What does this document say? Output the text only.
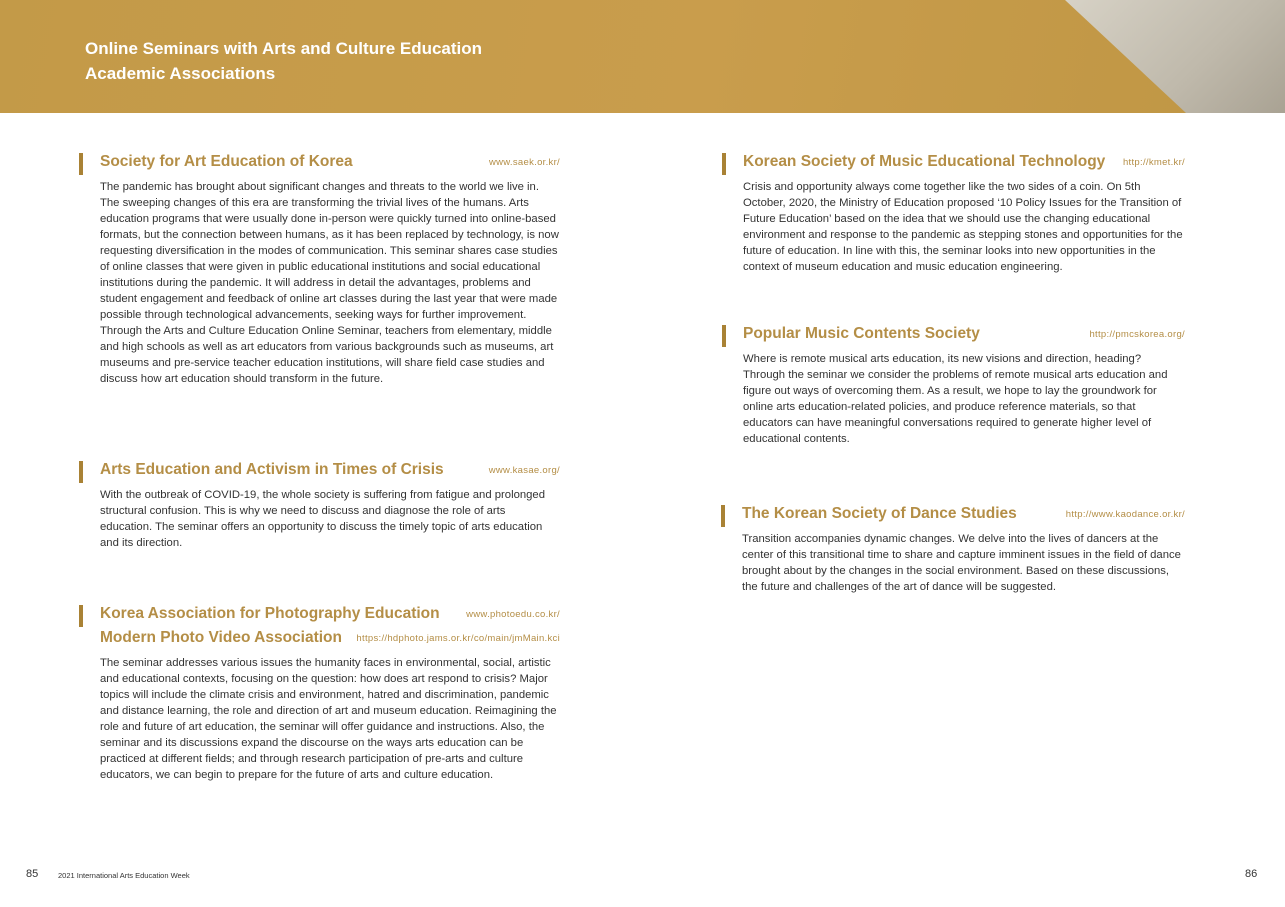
Online Seminars with Arts and Culture Education
Academic Associations
Society for Art Education of Korea	www.saek.or.kr/

The pandemic has brought about significant changes and threats to the world we live in. The sweeping changes of this era are transforming the trivial lives of the humans. Arts education programs that were usually done in-person were quickly turned into online-based formats, but the connection between humans, as it has been replaced by technology, is now requesting diversification in the modes of communication. This seminar shares case studies of online classes that were given in public educational institutions and social educational institutions during the pandemic. It will address in detail the advantages, problems and student engagement and feedback of online art classes during the last year that were made possible through technological advancements, seeking ways for further improvement. Through the Arts and Culture Education Online Seminar, teachers from elementary, middle and high schools as well as art educators from various backgrounds such as museums, art museums and pre-service teacher education institutions, will share field case studies and discuss how art education should transform in the future.

Arts Education and Activism in Times of Crisis	www.kasae.org/

With the outbreak of COVID-19, the whole society is suffering from fatigue and prolonged structural confusion. This is why we need to discuss and diagnose the role of arts education. The seminar offers an opportunity to discuss the timely topic of arts education and its direction.

Korea Association for Photography Education	www.photoedu.co.kr/
Modern Photo Video Association https://hdphoto.jams.or.kr/co/main/jmMain.kci

The seminar addresses various issues the humanity faces in environmental, social, artistic and educational contexts, focusing on the question: how does art respond to crisis? Major topics will include the climate crisis and environment, hatred and discrimination, pandemic and distance learning, the role and direction of art and museum education. Reimagining the role and future of art education, the seminar will offer guidance and instructions. Also, the seminar and its discussions expand the discourse on the ways arts education can be practiced at different fields; and through research participation of pre-arts and culture educators, we can begin to prepare for the future of arts and culture education.

Korean Society of Music Educational Technology http://kmet.kr/

Crisis and opportunity always come together like the two sides of a coin. On 5th October, 2020, the Ministry of Education proposed ‘10 Policy Issues for the Transition of Future Education’ based on the idea that we should use the changing educational environment and response to the pandemic as stepping stones and opportunities for the future of education. In line with this, the seminar looks into new opportunities in the context of museum education and music education engineering.

Popular Music Contents Society	http://pmcskorea.org/

Where is remote musical arts education, its new visions and direction, heading? Through the seminar we consider the problems of remote musical arts education and figure out ways of overcoming them. As a result, we hope to lay the groundwork for online arts education-related policies, and produce reference materials, so that educators can have meaningful conversations required to generate higher level of educational contents.

The Korean Society of Dance Studies	http://www.kaodance.or.kr/

Transition accompanies dynamic changes. We delve into the lives of dancers at the center of this transitional time to share and capture imminent issues in the field of dance brought about by the changes in the social environment. Based on these discussions, the future and challenges of the art of dance will be suggested.

85	2021 International Arts Education Week	86
